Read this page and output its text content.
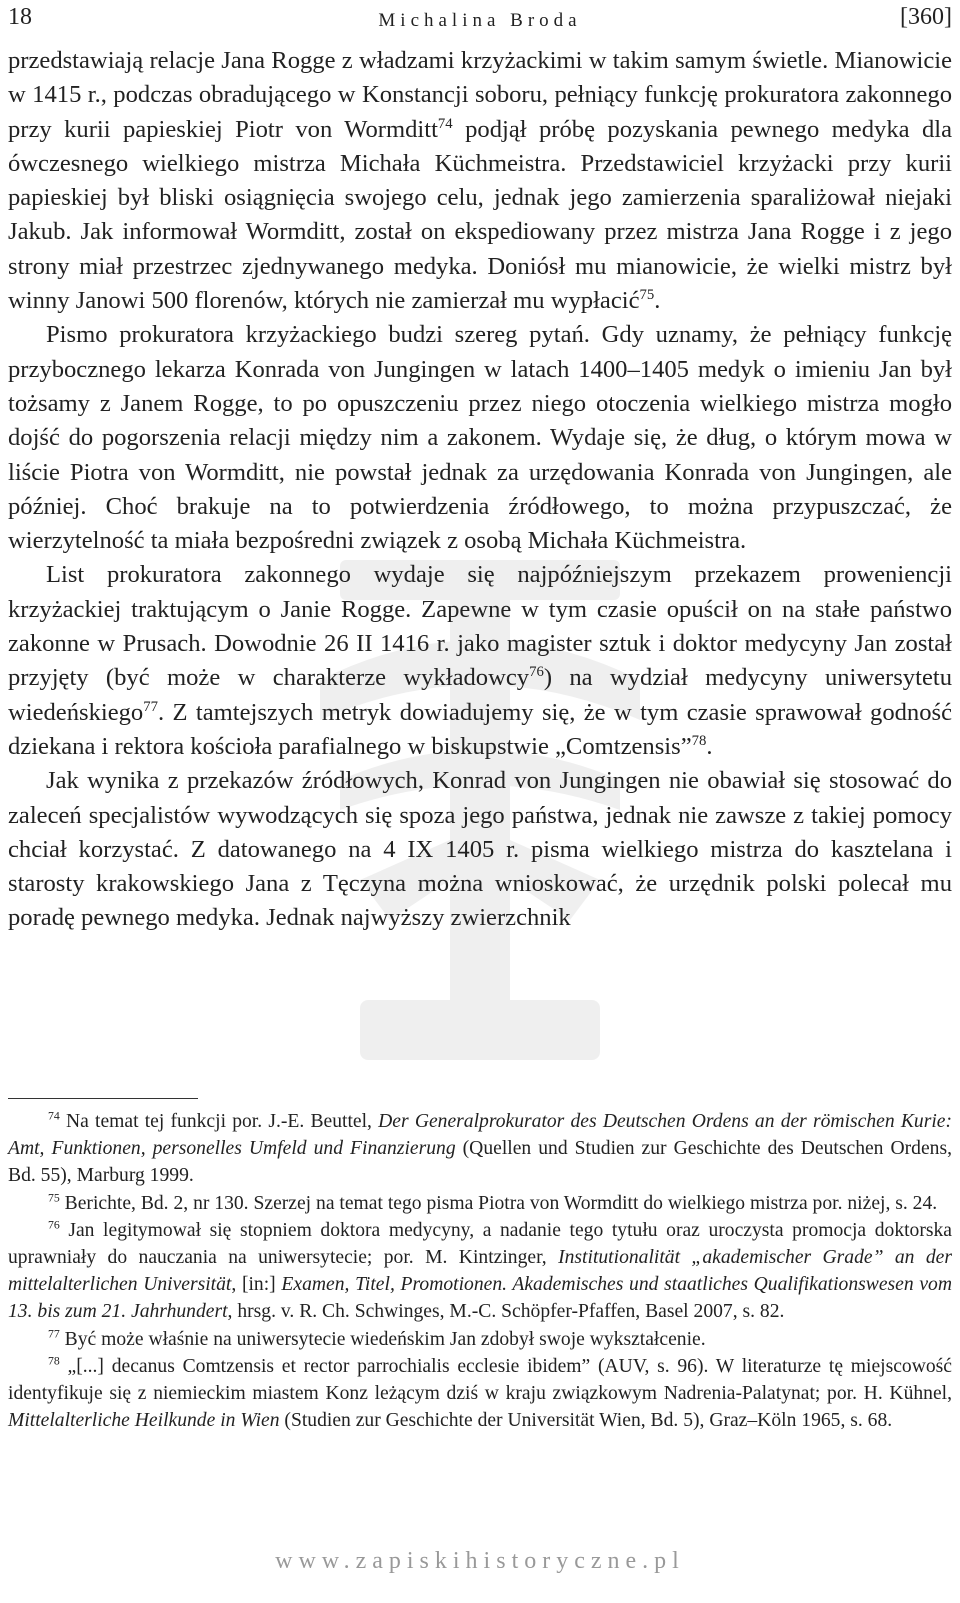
18	Michalina Broda	[360]

przedstawiają relacje Jana Rogge z władzami krzyżackimi w takim samym świetle. Mianowicie w 1415 r., podczas obradującego w Konstancji soboru, pełniący funkcję prokuratora zakonnego przy kurii papieskiej Piotr von Wormditt$^{74}$ podjął próbę pozyskania pewnego medyka dla ówczesnego wielkiego mistrza Michała Küchmeistra. Przedstawiciel krzyżacki przy kurii papieskiej był bliski osiągnięcia swojego celu, jednak jego zamierzenia sparaliżował niejaki Jakub. Jak informował Wormditt, został on ekspediowany przez mistrza Jana Rogge i z jego strony miał przestrzec zjednywanego medyka. Doniósł mu mianowicie, że wielki mistrz był winny Janowi 500 florenów, których nie zamierzał mu wypłacić$^{75}$.

Pismo prokuratora krzyżackiego budzi szereg pytań. Gdy uznamy, że pełniący funkcję przybocznego lekarza Konrada von Jungingen w latach 1400–1405 medyk o imieniu Jan był tożsamy z Janem Rogge, to po opuszczeniu przez niego otoczenia wielkiego mistrza mogło dojść do pogorszenia relacji między nim a zakonem. Wydaje się, że dług, o którym mowa w liście Piotra von Wormditt, nie powstał jednak za urzędowania Konrada von Jungingen, ale później. Choć brakuje na to potwierdzenia źródłowego, to można przypuszczać, że wierzytelność ta miała bezpośredni związek z osobą Michała Küchmeistra.

List prokuratora zakonnego wydaje się najpóźniejszym przekazem proweniencji krzyżackiej traktującym o Janie Rogge. Zapewne w tym czasie opuścił on na stałe państwo zakonne w Prusach. Dowodnie 26 II 1416 r. jako magister sztuk i doktor medycyny Jan został przyjęty (być może w charakterze wykładowcy$^{76}$) na wydział medycyny uniwersytetu wiedeńskiego$^{77}$. Z tamtejszych metryk dowiadujemy się, że w tym czasie sprawował godność dziekana i rektora kościoła parafialnego w biskupstwie „Comtzensis”$^{78}$.

Jak wynika z przekazów źródłowych, Konrad von Jungingen nie obawiał się stosować do zaleceń specjalistów wywodzących się spoza jego państwa, jednak nie zawsze z takiej pomocy chciał korzystać. Z datowanego na 4 IX 1405 r. pisma wielkiego mistrza do kasztelana i starosty krakowskiego Jana z Tęczyna można wnioskować, że urzędnik polski polecał mu poradę pewnego medyka. Jednak najwyższy zwierzchnik

$^{74}$ Na temat tej funkcji por. J.-E. Beuttel, Der Generalprokurator des Deutschen Ordens an der römischen Kurie: Amt, Funktionen, personelles Umfeld und Finanzierung (Quellen und Studien zur Geschichte des Deutschen Ordens, Bd. 55), Marburg 1999.

$^{75}$ Berichte, Bd. 2, nr 130. Szerzej na temat tego pisma Piotra von Wormditt do wielkiego mistrza por. niżej, s. 24.

$^{76}$ Jan legitymował się stopniem doktora medycyny, a nadanie tego tytułu oraz uroczysta promocja doktorska uprawniały do nauczania na uniwersytecie; por. M. Kintzinger, Institutionalität „akademischer Grade” an der mittelalterlichen Universität, [in:] Examen, Titel, Promotionen. Akademisches und staatliches Qualifikationswesen vom 13. bis zum 21. Jahrhundert, hrsg. v. R. Ch. Schwinges, M.-C. Schöpfer-Pfaffen, Basel 2007, s. 82.

$^{77}$ Być może właśnie na uniwersytecie wiedeńskim Jan zdobył swoje wykształcenie.

$^{78}$ „[...] decanus Comtzensis et rector parrochialis ecclesie ibidem” (AUV, s. 96). W literaturze tę miejscowość identyfikuje się z niemieckim miastem Konz leżącym dziś w kraju związkowym Nadrenia-Palatynat; por. H. Kühnel, Mittelalterliche Heilkunde in Wien (Studien zur Geschichte der Universität Wien, Bd. 5), Graz–Köln 1965, s. 68.

www.zapiskihistoryczne.pl
